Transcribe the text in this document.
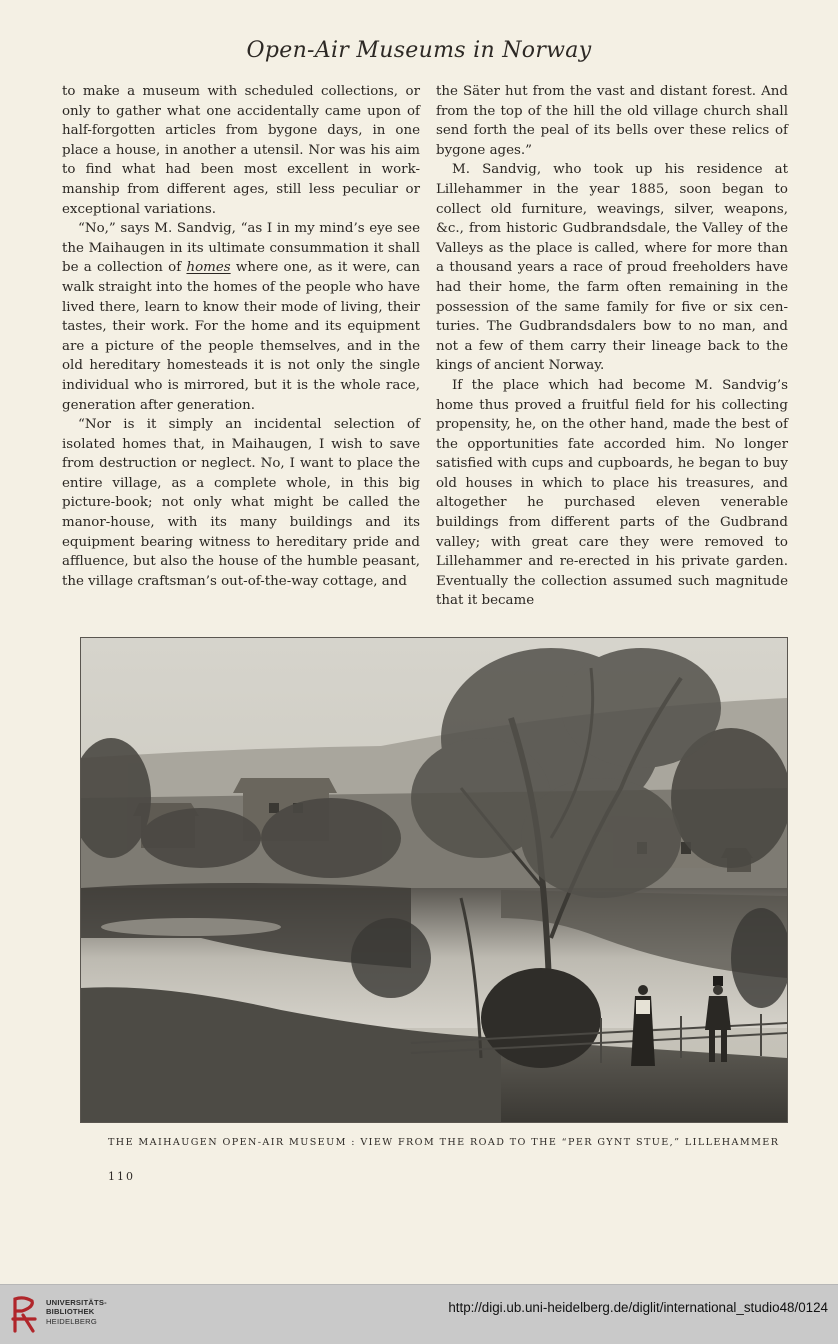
Open-Air Museums in Norway

to make a museum with scheduled collections, or only to gather what one accidentally came upon of half-forgotten articles from bygone days, in one place a house, in another a utensil. Nor was his aim to find what had been most excellent in work-manship from different ages, still less peculiar or exceptional variations.

“No,” says M. Sandvig, “as I in my mind’s eye see the Maihaugen in its ultimate consummation it shall be a collection of homes where one, as it were, can walk straight into the homes of the people who have lived there, learn to know their mode of living, their tastes, their work. For the home and its equipment are a picture of the people themselves, and in the old hereditary homesteads it is not only the single individual who is mirrored, but it is the whole race, generation after generation.

“Nor is it simply an incidental selection of isolated homes that, in Maihaugen, I wish to save from destruction or neglect. No, I want to place the entire village, as a complete whole, in this big picture-book; not only what might be called the manor-house, with its many buildings and its equipment bearing witness to hereditary pride and affluence, but also the house of the humble peasant, the village craftsman’s out-of-the-way cottage, and

the Säter hut from the vast and distant forest. And from the top of the hill the old village church shall send forth the peal of its bells over these relics of bygone ages.”

M. Sandvig, who took up his residence at Lillehammer in the year 1885, soon began to collect old furniture, weavings, silver, weapons, &c., from historic Gudbrandsdale, the Valley of the Valleys as the place is called, where for more than a thousand years a race of proud freeholders have had their home, the farm often remaining in the possession of the same family for five or six cen-turies. The Gudbrandsdalers bow to no man, and not a few of them carry their lineage back to the kings of ancient Norway.

If the place which had become M. Sandvig’s home thus proved a fruitful field for his collecting propensity, he, on the other hand, made the best of the opportunities fate accorded him. No longer satisfied with cups and cupboards, he began to buy old houses in which to place his treasures, and altogether he purchased eleven venerable buildings from different parts of the Gudbrand valley; with great care they were removed to Lillehammer and re-erected in his private garden. Eventually the collection assumed such magnitude that it became

THE MAIHAUGEN OPEN-AIR MUSEUM : VIEW FROM THE ROAD TO THE “PER GYNT STUE,” LILLEHAMMER
110
UNIVERSITÄTS-
BIBLIOTHEK
HEIDELBERG
http://digi.ub.uni-heidelberg.de/diglit/international_studio48/0124
